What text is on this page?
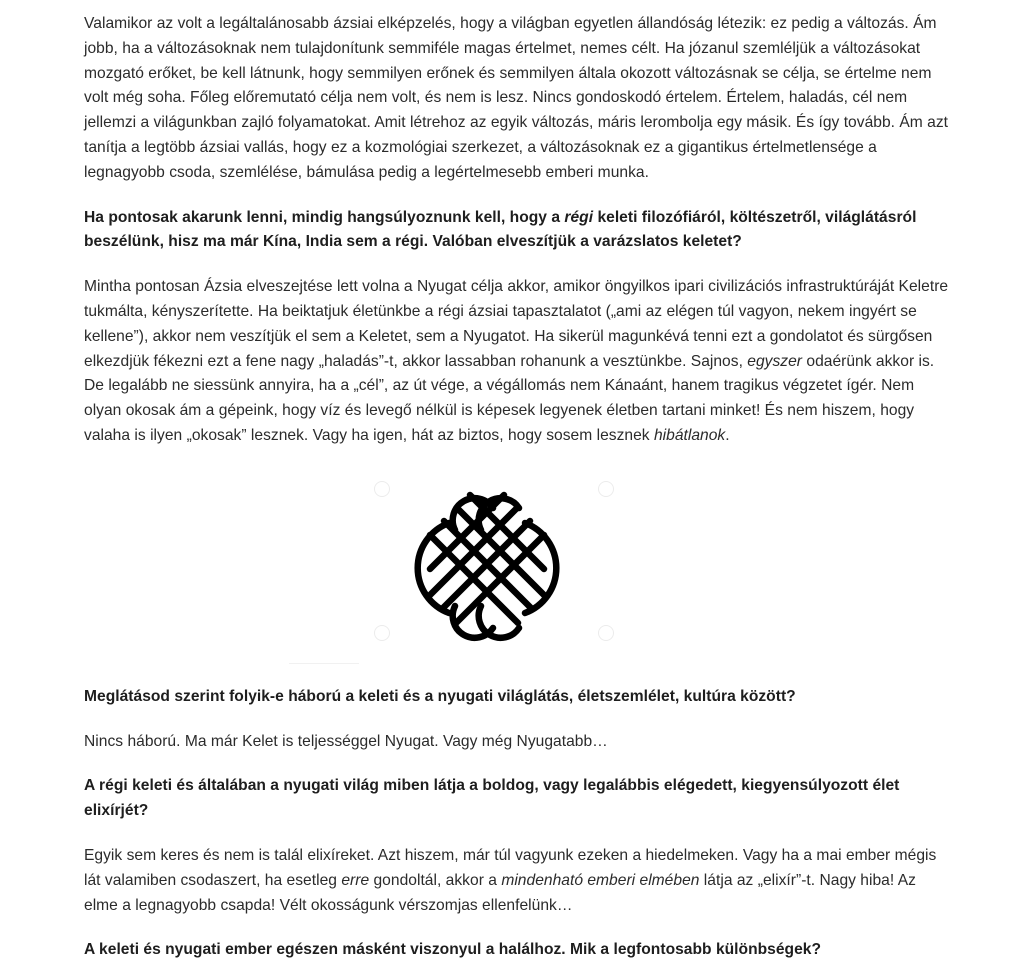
Valamikor az volt a legáltalánosabb ázsiai elképzelés, hogy a világban egyetlen állandóság létezik: ez pedig a változás. Ám jobb, ha a változásoknak nem tulajdonítunk semmiféle magas értelmet, nemes célt. Ha józanul szemléljük a változásokat mozgató erőket, be kell látnunk, hogy semmilyen erőnek és semmilyen általa okozott változásnak se célja, se értelme nem volt még soha. Főleg előremutató célja nem volt, és nem is lesz. Nincs gondoskodó értelem. Értelem, haladás, cél nem jellemzi a világunkban zajló folyamatokat. Amit létrehoz az egyik változás, máris lerombolja egy másik. És így tovább. Ám azt tanítja a legtöbb ázsiai vallás, hogy ez a kozmológiai szerkezet, a változásoknak ez a gigantikus értelmetlensége a legnagyobb csoda, szemlélése, bámulása pedig a legértelmesebb emberi munka.

Ha pontosak akarunk lenni, mindig hangsúlyoznunk kell, hogy a régi keleti filozófiáról, költészetről, világlátásról beszélünk, hisz ma már Kína, India sem a régi. Valóban elveszítjük a varázslatos keletet?

Mintha pontosan Ázsia elveszejtése lett volna a Nyugat célja akkor, amikor öngyilkos ipari civilizációs infrastruktúráját Keletre tukmálta, kényszerítette. Ha beiktatjuk életünkbe a régi ázsiai tapasztalatot („ami az elégen túl vagyon, nekem ingyért se kellene”), akkor nem veszítjük el sem a Keletet, sem a Nyugatot. Ha sikerül magunkévá tenni ezt a gondolatot és sürgősen elkezdjük fékezni ezt a fene nagy „haladás”-t, akkor lassabban rohanunk a vesztünkbe. Sajnos, egyszer odaérünk akkor is. De legalább ne siessünk annyira, ha a „cél”, az út vége, a végállomás nem Kánaánt, hanem tragikus végzetet ígér. Nem olyan okosak ám a gépeink, hogy víz és levegő nélkül is képesek legyenek életben tartani minket! És nem hiszem, hogy valaha is ilyen „okosak” lesznek. Vagy ha igen, hát az biztos, hogy sosem lesznek hibátlanok.

Meglátásod szerint folyik-e háború a keleti és a nyugati világlátás, életszemlélet, kultúra között?

Nincs háború. Ma már Kelet is teljességgel Nyugat. Vagy még Nyugatabb…

A régi keleti és általában a nyugati világ miben látja a boldog, vagy legalábbis elégedett, kiegyensúlyozott élet elixírjét?

Egyik sem keres és nem is talál elixíreket. Azt hiszem, már túl vagyunk ezeken a hiedelmeken. Vagy ha a mai ember mégis lát valamiben csodaszert, ha esetleg erre gondoltál, akkor a mindenható emberi elmében látja az „elixír”-t. Nagy hiba! Az elme a legnagyobb csapda! Vélt okosságunk vérszomjas ellenfelünk…

A keleti és nyugati ember egészen másként viszonyul a halálhoz. Mik a legfontosabb különbségek?
